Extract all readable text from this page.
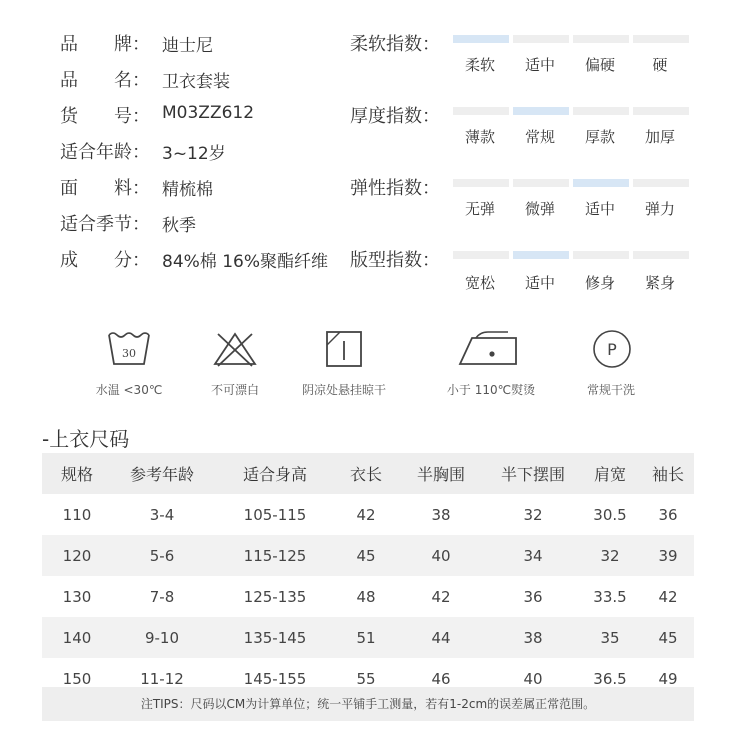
品　　牌： 迪士尼
品　　名： 卫衣套装
货　　号： M03ZZ612
适合年龄： 3~12岁
面　　料： 精梳棉
适合季节： 秋季
成　　分： 84%棉 16%聚酯纤维
柔软指数：
柔软	适中	偏硬	硬
厚度指数：
薄款	常规	厚款	加厚
弹性指数：
无弹	微弹	适中	弹力
版型指数：
宽松	适中	修身	紧身
30
水温 <30℃	不可漂白	阴凉处悬挂晾干	小于 110℃熨烫
P
常规干洗
-上衣尺码
规格	参考年龄	适合身高	衣长	半胸围	半下摆围	肩宽	袖长
110	3-4	105-115	42	38	32	30.5	36
120	5-6	115-125	45	40	34	32	39
130	7-8	125-135	48	42	36	33.5	42
140	9-10	135-145	51	44	38	35	45
150	11-12	145-155	55	46	40	36.5	49
注TIPS：尺码以CM为计算单位；统一平铺手工测量，若有1-2cm的误差属正常范围。
